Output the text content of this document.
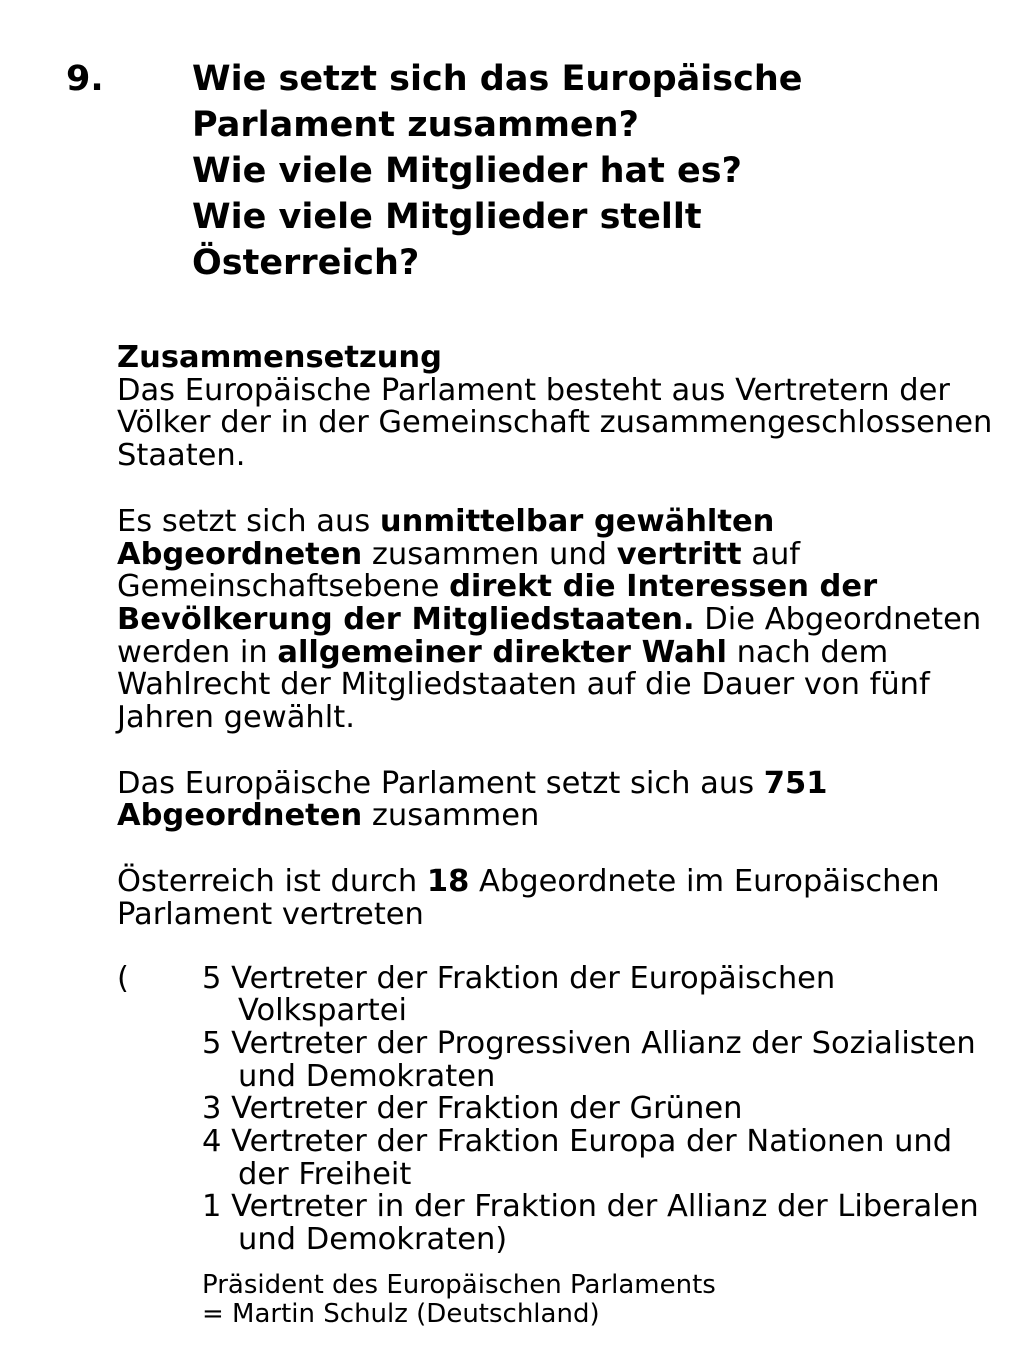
9.	Wie setzt sich das Europäische
Parlament zusammen?
Wie viele Mitglieder hat es?
Wie viele Mitglieder stellt
Österreich?

Zusammensetzung

Das Europäische Parlament besteht aus Vertretern der Völker der in der Gemeinschaft zusammengeschlossenen Staaten.

Es setzt sich aus unmittelbar gewählten Abgeordneten zusammen und vertritt auf Gemeinschaftsebene direkt die Interessen der Bevölkerung der Mitgliedstaaten. Die Abgeordneten werden in allgemeiner direkter Wahl nach dem Wahlrecht der Mitgliedstaaten auf die Dauer von fünf Jahren gewählt.

Das Europäische Parlament setzt sich aus 751 Abgeordneten zusammen

Österreich ist durch 18 Abgeordnete im Europäischen Parlament vertreten

( 5 Vertreter der Fraktion der Europäischen Volkspartei
5 Vertreter der Progressiven Allianz der Sozialisten und Demokraten
3 Vertreter der Fraktion der Grünen
4 Vertreter der Fraktion Europa der Nationen und der Freiheit
1 Vertreter in der Fraktion der Allianz der Liberalen und Demokraten)
Präsident des Europäischen Parlaments
= Martin Schulz (Deutschland)
